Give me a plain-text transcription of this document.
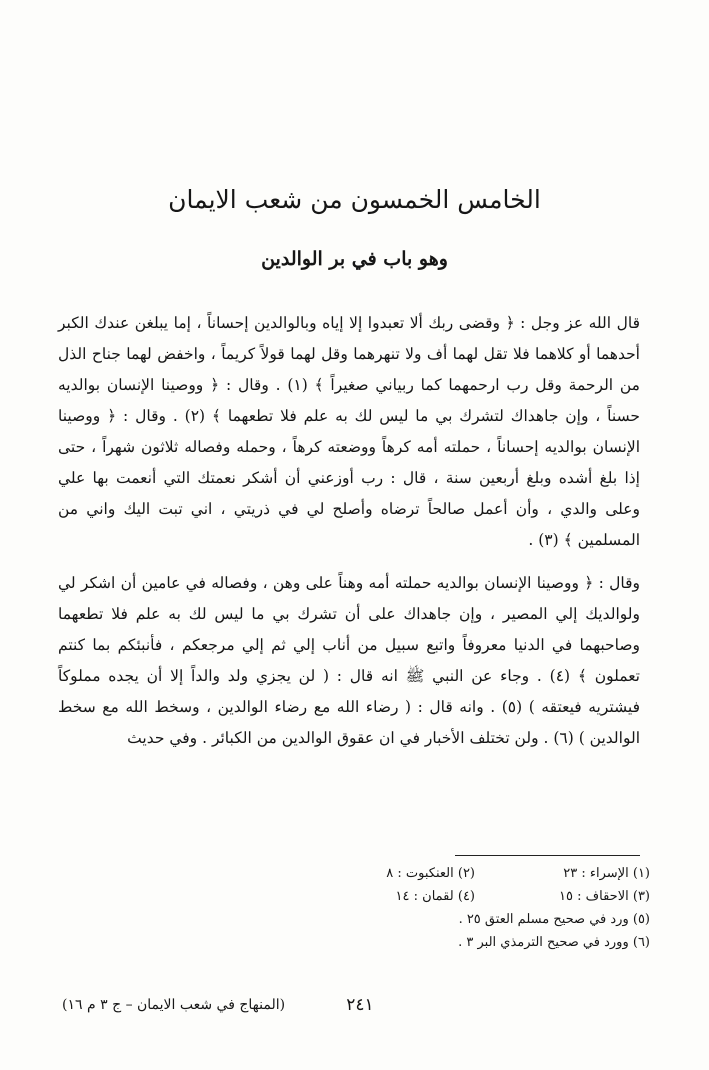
الخامس الخمسون من شعب الايمان
وهو باب في بر الوالدين

قال الله عز وجل : ﴿ وقضى ربك ألا تعبدوا إلا إياه وبالوالدين إحساناً ، إما يبلغن عندك الكبر أحدهما أو كلاهما فلا تقل لهما أف ولا تنهرهما وقل لهما قولاً كريماً ، واخفض لهما جناح الذل من الرحمة وقل رب ارحمهما كما ربياني صغيراً ﴾ (١) . وقال : ﴿ ووصينا الإنسان بوالديه حسناً ، وإن جاهداك لتشرك بي ما ليس لك به علم فلا تطعهما ﴾ (٢) . وقال : ﴿ ووصينا الإنسان بوالديه إحساناً ، حملته أمه كرهاً ووضعته كرهاً ، وحمله وفصاله ثلاثون شهراً ، حتى إذا بلغ أشده وبلغ أربعين سنة ، قال : رب أوزعني أن أشكر نعمتك التي أنعمت بها علي وعلى والدي ، وأن أعمل صالحاً ترضاه وأصلح لي في ذريتي ، اني تبت اليك واني من المسلمين ﴾ (٣) .

وقال : ﴿ ووصينا الإنسان بوالديه حملته أمه وهناً على وهن ، وفصاله في عامين أن اشكر لي ولوالديك إلي المصير ، وإن جاهداك على أن تشرك بي ما ليس لك به علم فلا تطعهما وصاحبهما في الدنيا معروفاً واتبع سبيل من أناب إلي ثم إلي مرجعكم ، فأنبئكم بما كنتم تعملون ﴾ (٤) . وجاء عن النبي ﷺ انه قال : ( لن يجزي ولد والداً إلا أن يجده مملوكاً فيشتريه فيعتقه ) (٥) . وانه قال : ( رضاء الله مع رضاء الوالدين ، وسخط الله مع سخط الوالدين ) (٦) . ولن تختلف الأخبار في ان عقوق الوالدين من الكبائر . وفي حديث

(١) الإسراء : ٢٣
(٢) العنكبوت : ٨
(٣) الاحقاف : ١٥
(٤) لقمان : ١٤
(٥) ورد في صحيح مسلم العتق ٢٥ .
(٦) وورد في صحيح الترمذي البر ٣ .
٢٤١
(المنهاج في شعب الايمان – ج ٣ م ١٦)
